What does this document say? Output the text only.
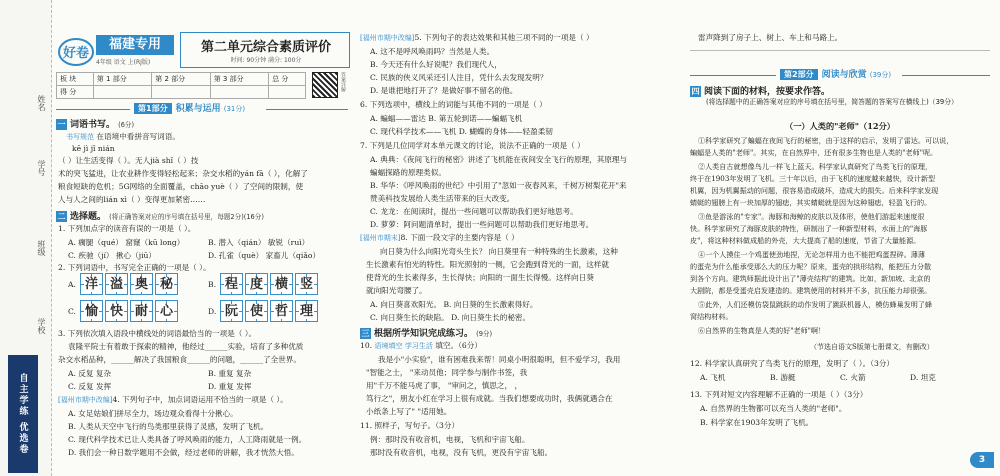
姓名
学号
班级
学校
自主学练 优选卷
好卷
福建专用
4年级 语文 上(RJ版)
第二单元综合素质评价
时间: 90分钟 满分: 100分
板 块	第 1 部分	第 2 部分	第 3 部分	总 分
得 分					答案详解
第1部分 积累与运用 (31分)
一 词语书写。 (6分)
书写规范 在语境中看拼音写词语。
kē jì jǐ nián
（ ）让生活变得（ ）。无人jià shǐ（ ）技
术的突飞猛进，让农业耕作变得轻松起来；杂交水稻的yán fā（ ），化解了
粮食短缺的危机；5G网络的全面覆盖，chāo yuè（ ）了空间的限制，使
人与人之间的lián xì（ ）变得更加紧密……
二 选择题。 (将正确答案对应的序号填在括号里，每题2分)(16分)
1. 下列加点字的读音有误的一项是（ ）。
A. 瘸腿（qué） 窟窿（kū long）	B. 潜入（qián） 敏锐（ruì）
C. 疾驰（jí） 揪心（jiū）	D. 孔雀（què） 家畜儿（qiǎo）
2. 下列词语中，书写完全正确的一项是（ ）。
A. 洋 溢 奥 秘	B. 程 度 横 竖
C. 愉 快 耐 心	D. 阮 使 哲 理
3. 下列依次填入语段中横线处的词语最恰当的一项是（ ）。
袁隆平院士有着敢于探索的精神，他经过______实验，培育了多种优质
杂交水稻品种，______解决了我国粮食______的问题，______了全世界。
A. 反复 复杂	B. 重复 复杂
C. 反复 发挥	D. 重复 发挥
[福州市期中改编]4. 下列句子中，加点词语运用不恰当的一项是（ ）。
A. 女足姑娘们拼尽全力，场边观众看得十分揪心。
B. 人类从天空中飞行的鸟类那里获得了灵感，发明了飞机。
C. 现代科学技术已让人类具备了呼风唤雨的能力，人工降雨就是一例。
D. 我们会一种日数学题用不会做，经过老师的讲解，我才恍然大悟。
[福州市期中改编]5. 下列句子的表达效果和其他三项不同的一项是（ ）
A. 这不是呼风唤雨吗？当然是人类。
B. 今天还有什么好说呢？我们现代人，
C. 民族的侠义风采还引人注目，凭什么去发现发明？
D. 是谁把地打开了？是做好事不留名的他。
6. 下列选项中，横线上的词能与其他不同的一项是（ ）
A. 蝙蝠——雷达 B. 第五轮到诺——蝙蝠飞机
C. 现代科学技术——飞机 D. 蝴蝶的身体——轻盈柔韧
7. 下列是几位同学对本单元课文的讨论，说法不正确的一项是（ ）
A. 典典：《夜间飞行的秘密》讲述了飞机能在夜间安全飞行的原理，其原理与
蝙蝠探路的原理类似。
B. 华华：《呼风唤雨的世纪》中引用了"忽如一夜春风来，千树万树梨花开"来
赞美科技发展给人类生活带来的巨大改变。
C. 龙龙：在阅读时，提出一些问题可以帮助我们更好地思考。
D. 萝萝：阿问题清单时，提出一些问题可以帮助我们更好地思考。
[福州市期末]8. 下面一段文字的主要内容是（ ）
向日葵为什么向阳光弯头生长？ 向日葵里有一种特殊的生长激素，这种
生长激素有怕光的特性。阳光照射的一侧，它会跑到背光的一面，这样就
使背光的生长素得多，生长得快；向阳的一面生长得慢。这样向日葵
就向阳光弯腰了。
A. 向日葵喜欢阳光。 B. 向日葵的生长激素得好。
C. 向日葵生长的缺陷。 D. 向日葵生长的秘密。
三 根据所学知识完成练习。 (9分)
10. 语境填空 学习生活 填空。（6分）
我是小"小实验"，谁有困难我来帮！同桌小明很聪明，但不爱学习，我用
"智能之士， "来动员他；同学参与制作书签，我
用"千万不能马虎了事， "审问之，慎思之， ，
笃行之"，朋友小红在学习上很有成就。当我们想要成功时，我俩就遇合在
小纸条上写了" "适用她。
11. 照样子，写句子。（3分）
例：那时没有收音机，电视，飞机和宇宙飞船。
那时没有收音机，电视，没有飞机，更没有宇宙飞船。
雷声降到了房子上、树上、车上和马路上。
第2部分 阅读与欣赏 (39分)
四 阅读下面的材料，按要求作答。
(将选择题中的正确答案对应的序号填在括号里，简答题的答案写在横线上)（39分）
（一）人类的"老师"（12分）
①科学家研究了蝙蝠在夜间飞行的秘密，由于这样的启示，发明了雷达。可以说，
蝙蝠是人类的"老师"。其实，在自然界中，还有很多生物也是人类的"老师"呢。
②人类自古就想像鸟儿一样飞上蓝天。科学家认真研究了鸟类飞行的原理，
终于在1903年发明了飞机。三十年以后，由于飞机的速度越来越快，设计新型
机翼，因为机翼振动的问题，很容易造成破坏，造成大的损失。后来科学家发现
蜻蜓的翅膀上有一块加厚的翅痣，其实蜻蜓就是因为这种翅痣，轻盈飞行的。
③鱼是游泳的"专家"。海豚和海鲸的皮肤以及体形，使他们游起来速度很
快。科学家研究了海豚皮肤的特性，研制出了一种新型材料，水面上的"海豚
皮"，将这种材料做成船的外壳，大大提高了船的速度，节省了大量能源。
④一个人摸住一个鸡蛋使劲地捏，无论怎样用力也不能把鸡蛋捏碎。薄薄
的蛋壳为什么能承受那么大的压力呢？原来，蛋壳的拱形结构，能把压力分散
到各个方向。建筑师据此设计出了"薄壳结构"的建筑。比如，新加坡、北京的
大剧院，都是受蛋壳启发建造的。建筑使用的材料并不多，抗压能力却很强。
⑤此外，人们还模仿袋鼠跳跃的动作发明了跳跃机器人，模仿蜂巢发明了蜂
窝结构材料。
⑥自然界的生物真是人类的好"老师"啊！
（节选自语文S版第七册课文，有删改）
12. 科学家认真研究了鸟类飞行的原理，发明了（ ）。（3分）
A. 飞机	B. 游艇	C. 火箭	D. 坦克
13. 下列对短文内容理解不正确的一项是（ ）（3分）
A. 自然界的生物都可以充当人类的"老师"。
B. 科学家在1903年发明了飞机。
3
